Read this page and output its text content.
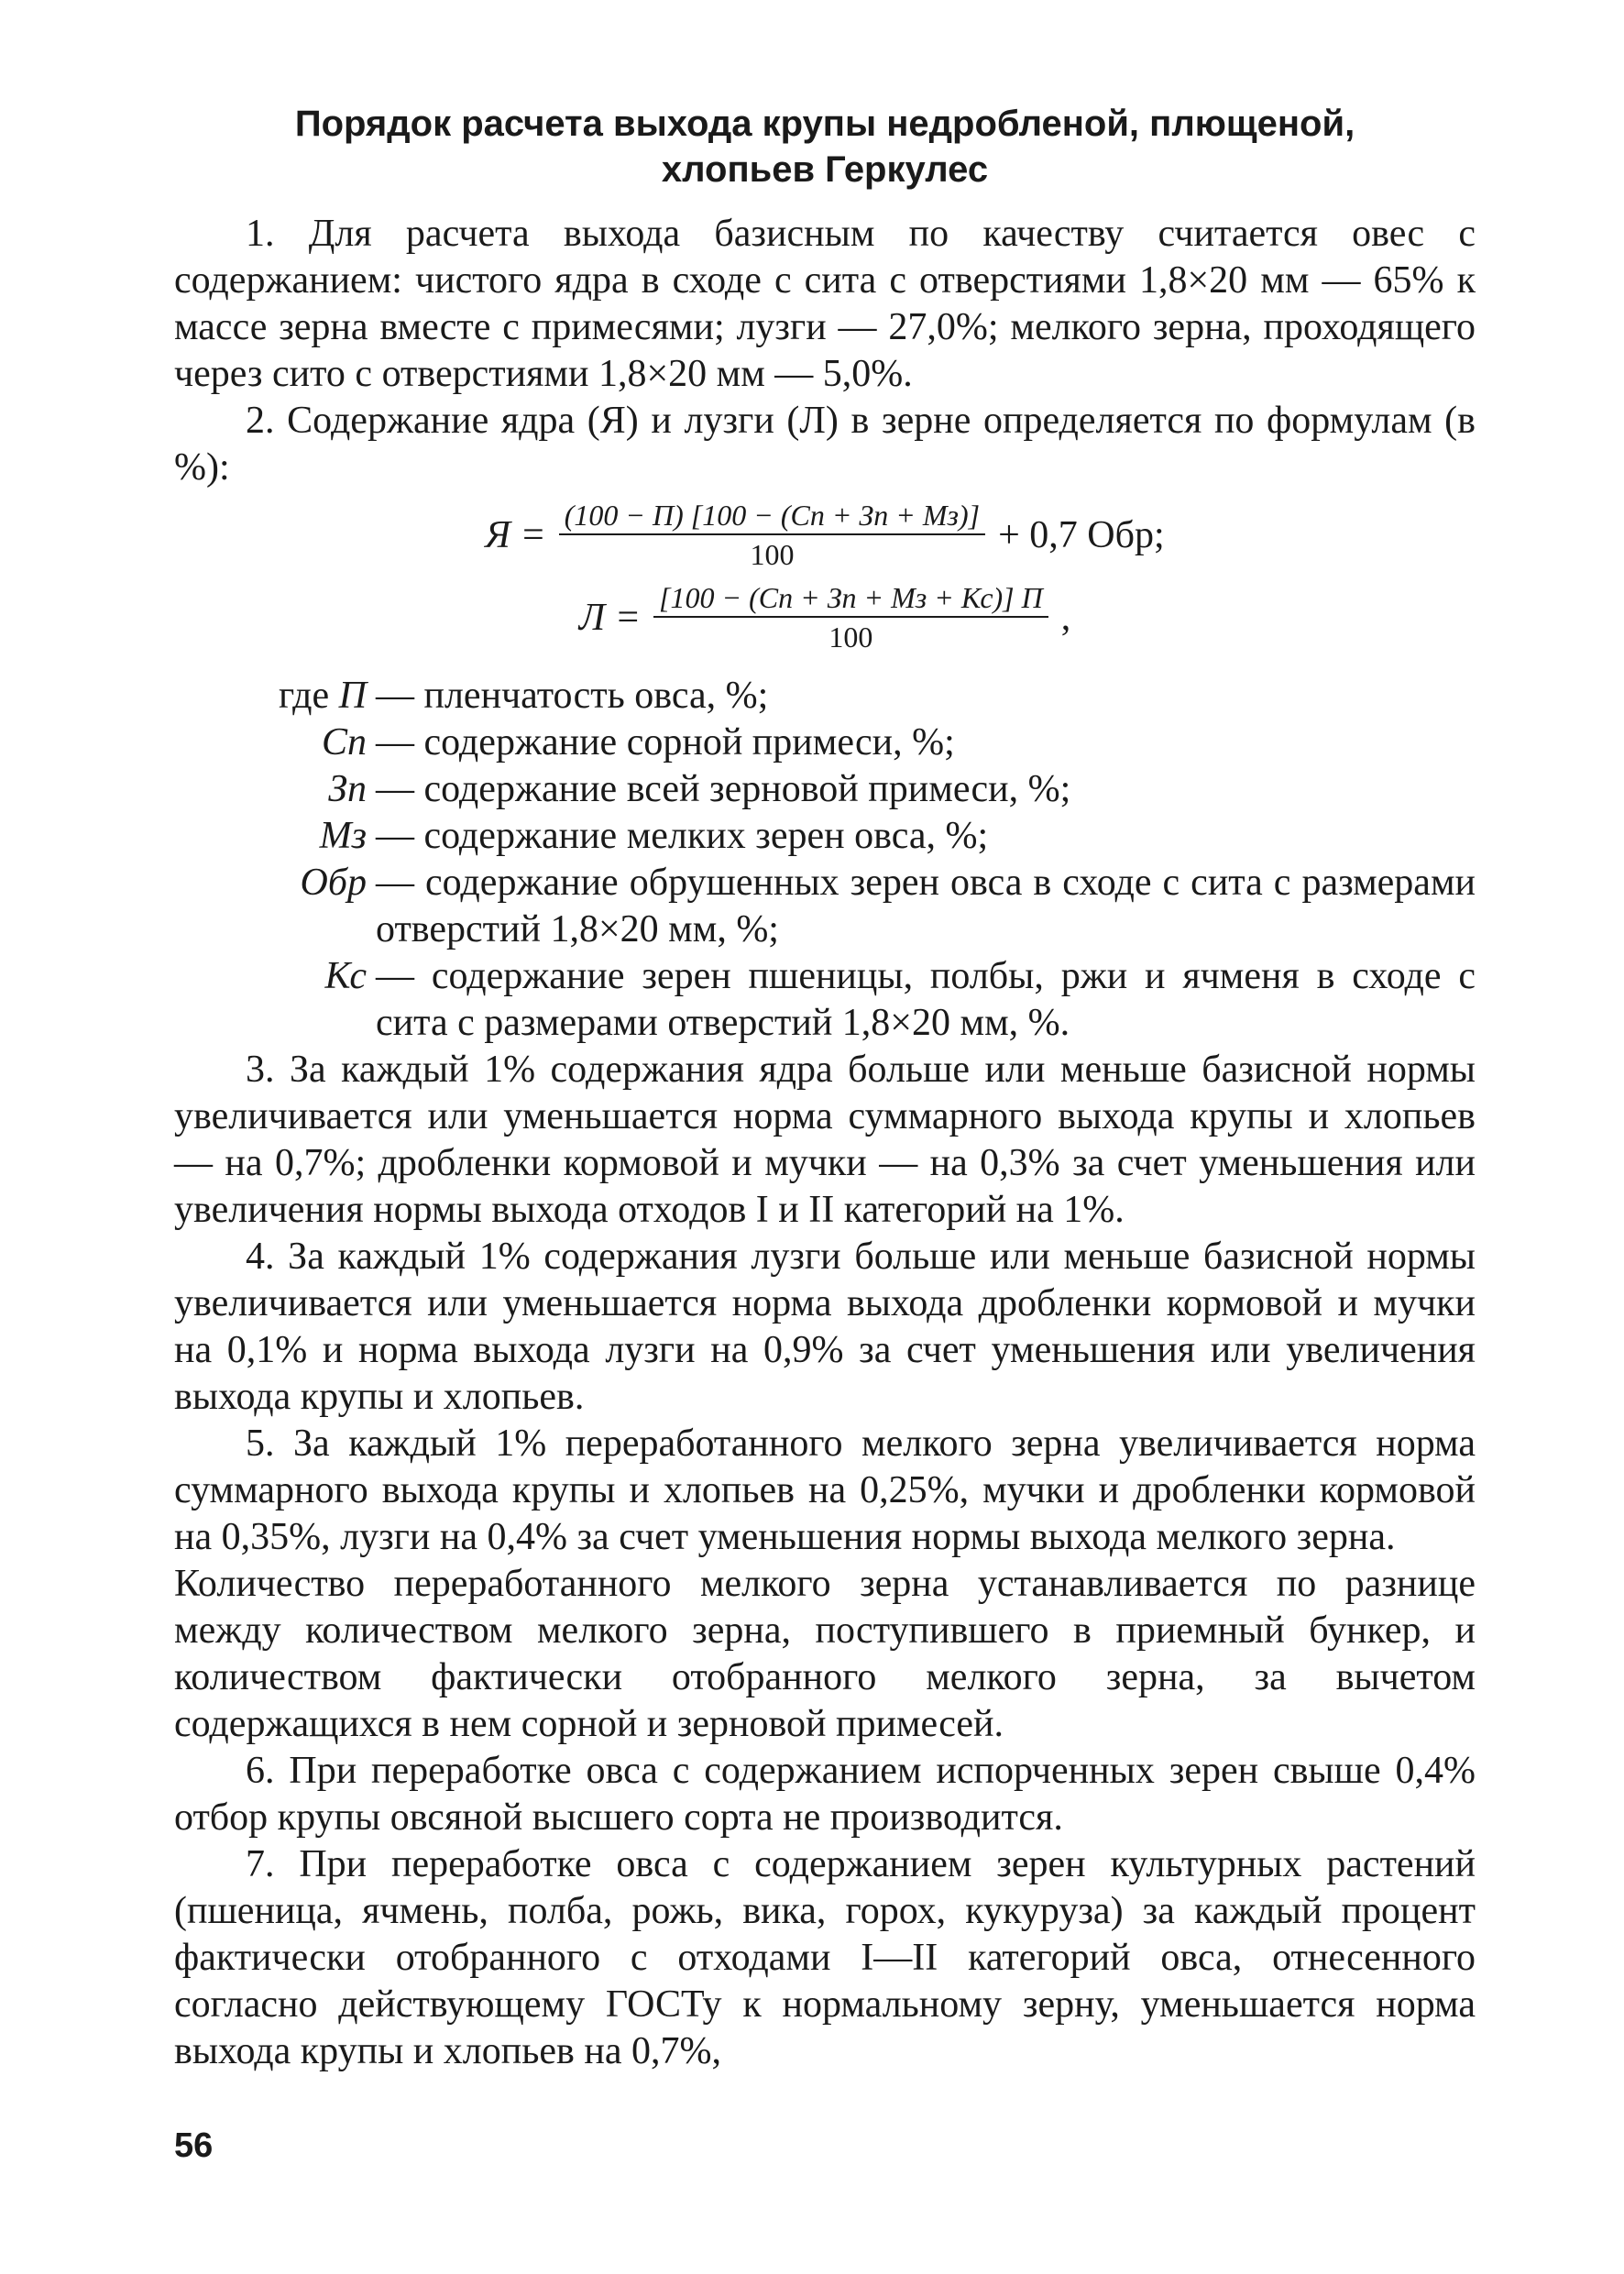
Порядок расчета выхода крупы недробленой, плющеной,
хлопьев Геркулес

1. Для расчета выхода базисным по качеству считается овес с содержанием: чистого ядра в сходе с сита с отверстиями 1,8×20 мм — 65% к массе зерна вместе с примесями; лузги — 27,0%; мелкого зерна, проходящего через сито с отверстиями 1,8×20 мм — 5,0%.

2. Содержание ядра (Я) и лузги (Л) в зерне определяется по формулам (в %):

$Я = \frac{(100 - П) [100 - (Сп + Зп + Мз)]}{100} + 0,7$ Обр;
$Л = \frac{[100 - (Сп + Зп + Мз + Кс)] П}{100}$ ,
где П — пленчатость овса, %;
Сп — содержание сорной примеси, %;
Зп — содержание всей зерновой примеси, %;
Мз — содержание мелких зерен овса, %;
Обр — содержание обрушенных зерен овса в сходе с сита с размерами отверстий 1,8×20 мм, %;
Кс — содержание зерен пшеницы, полбы, ржи и ячменя в сходе с сита с размерами отверстий 1,8×20 мм, %.

3. За каждый 1% содержания ядра больше или меньше базисной нормы увеличивается или уменьшается норма суммарного выхода крупы и хлопьев — на 0,7%; дробленки кормовой и мучки — на 0,3% за счет уменьшения или увеличения нормы выхода отходов I и II категорий на 1%.

4. За каждый 1% содержания лузги больше или меньше базисной нормы увеличивается или уменьшается норма выхода дробленки кормовой и мучки на 0,1% и норма выхода лузги на 0,9% за счет уменьшения или увеличения выхода крупы и хлопьев.

5. За каждый 1% переработанного мелкого зерна увеличивается норма суммарного выхода крупы и хлопьев на 0,25%, мучки и дробленки кормовой на 0,35%, лузги на 0,4% за счет уменьшения нормы выхода мелкого зерна.

Количество переработанного мелкого зерна устанавливается по разнице между количеством мелкого зерна, поступившего в приемный бункер, и количеством фактически отобранного мелкого зерна, за вычетом содержащихся в нем сорной и зерновой примесей.

6. При переработке овса с содержанием испорченных зерен свыше 0,4% отбор крупы овсяной высшего сорта не производится.

7. При переработке овса с содержанием зерен культурных растений (пшеница, ячмень, полба, рожь, вика, горох, кукуруза) за каждый процент фактически отобранного с отходами I—II категорий овса, отнесенного согласно действующему ГОСТу к нормальному зерну, уменьшается норма выхода крупы и хлопьев на 0,7%,

56
